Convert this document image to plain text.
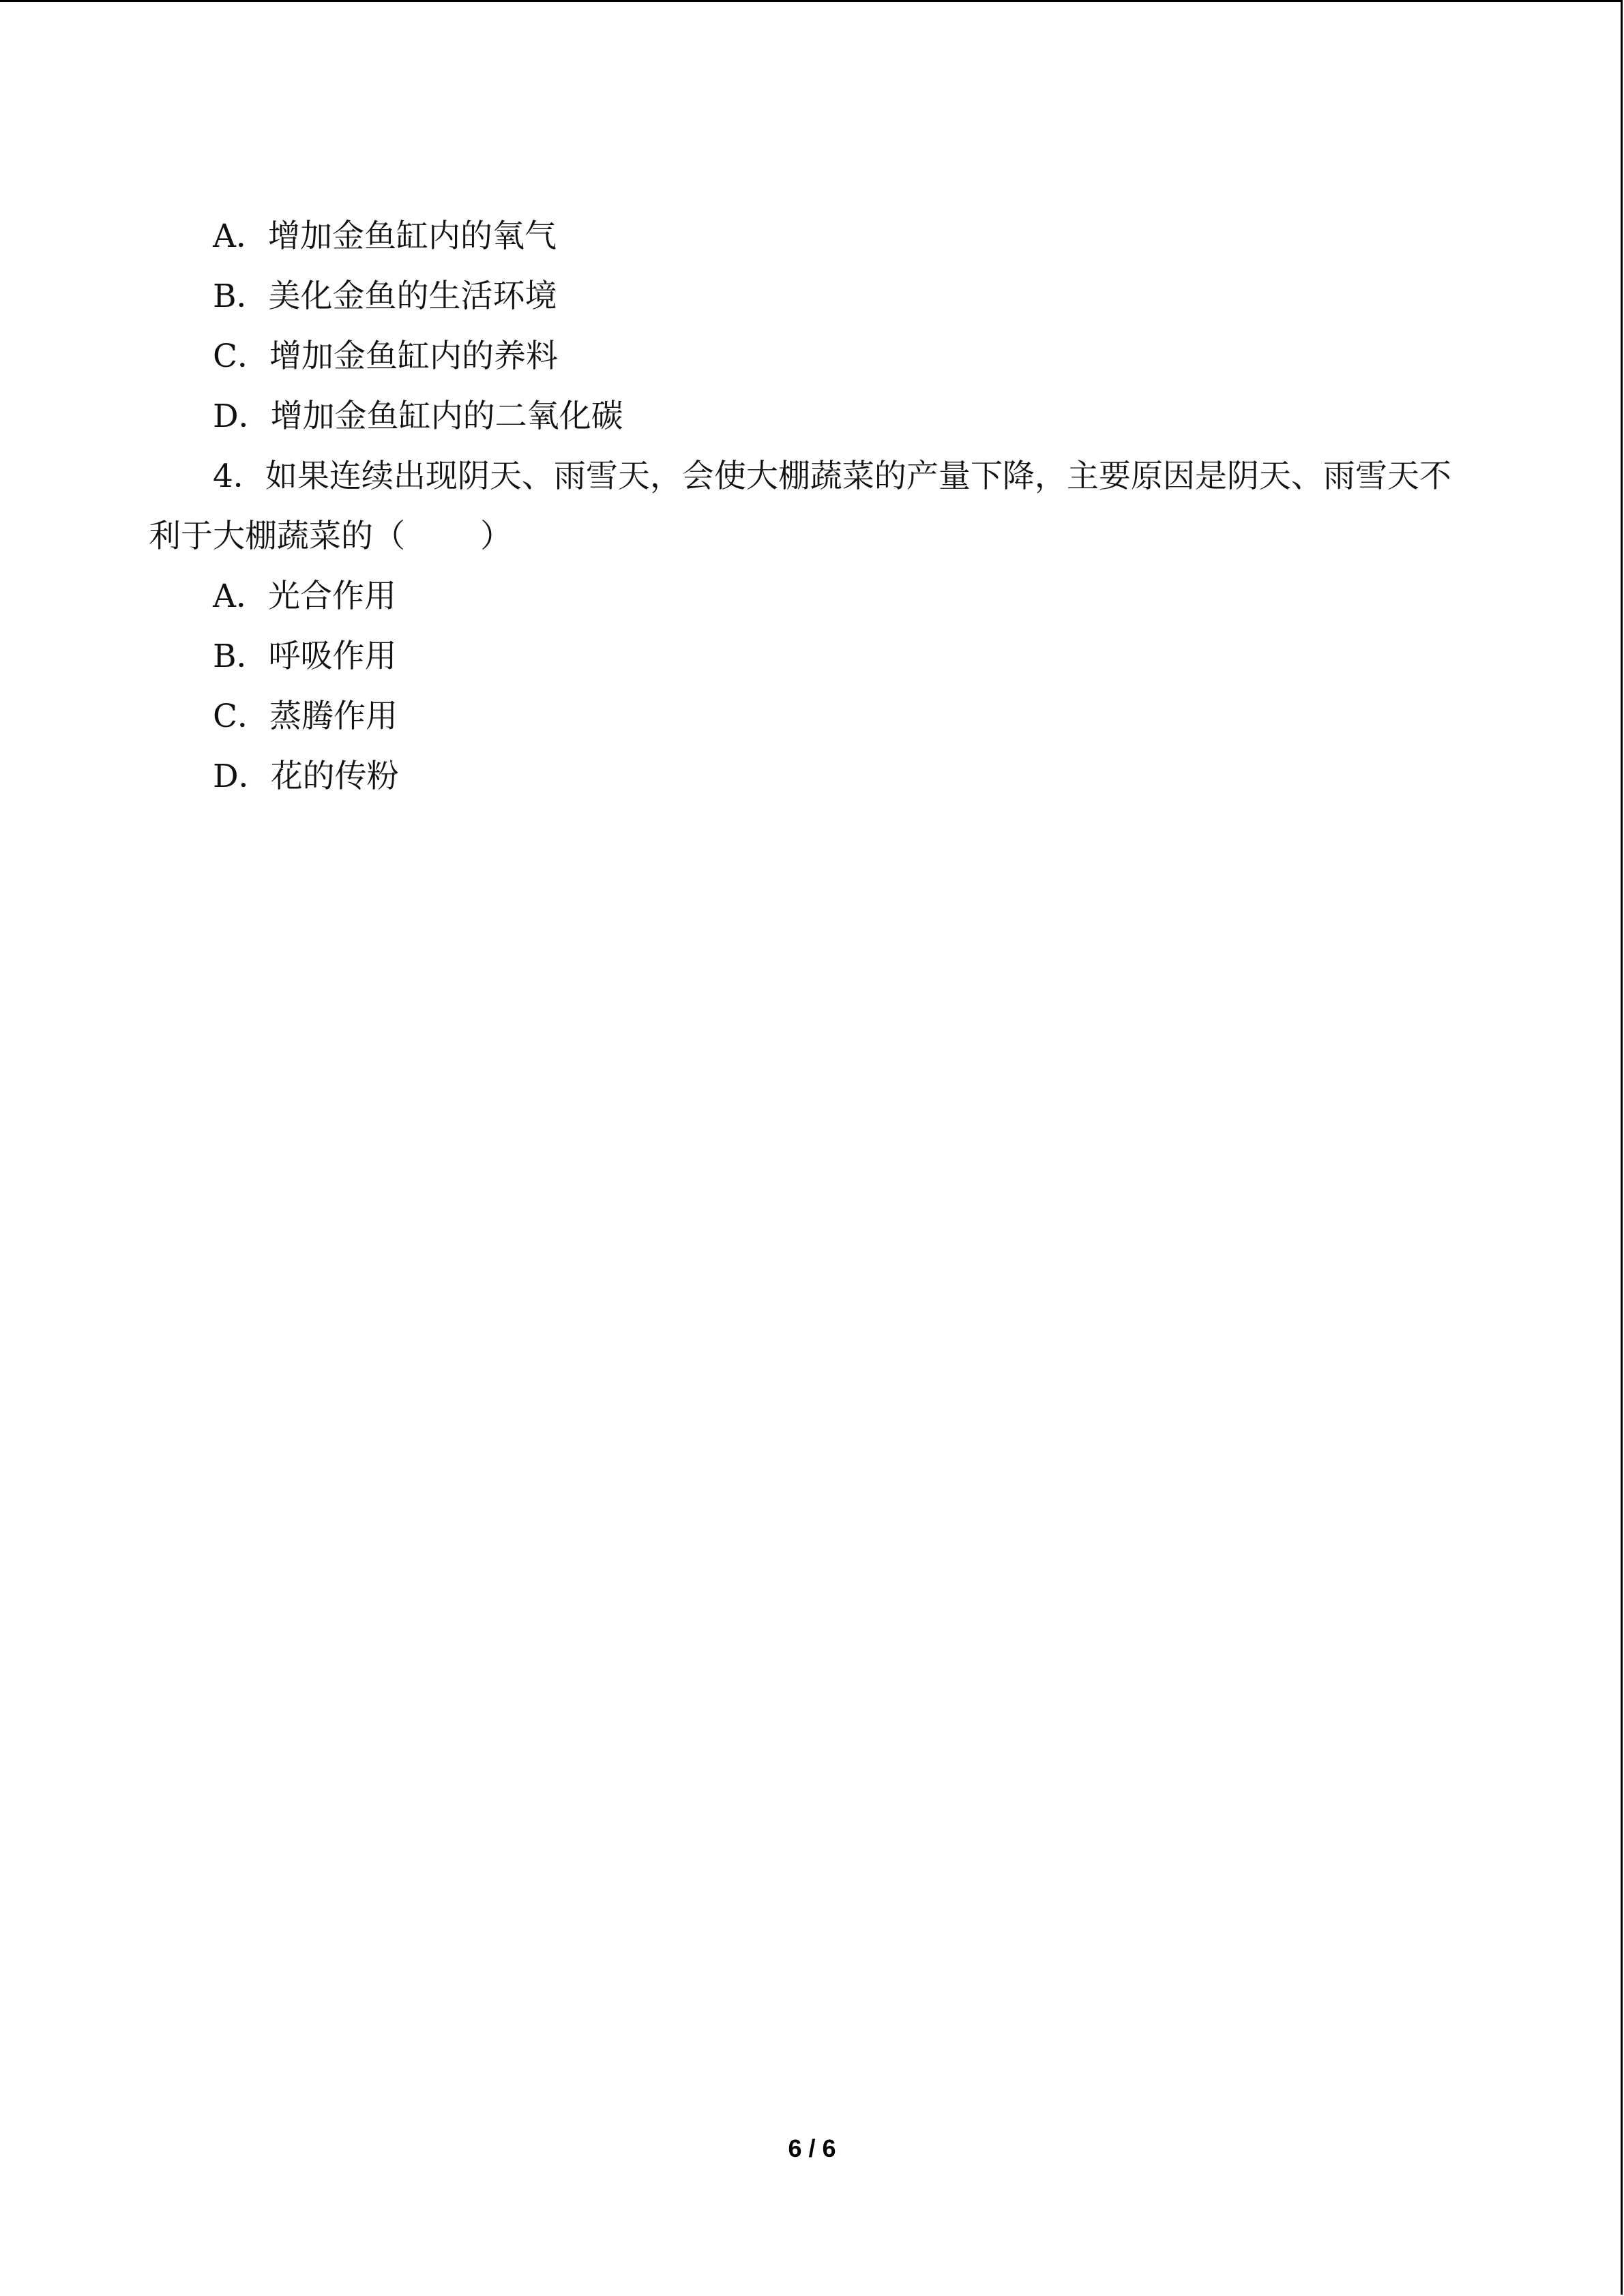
A．增加金鱼缸内的氧气
B．美化金鱼的生活环境
C．增加金鱼缸内的养料
D．增加金鱼缸内的二氧化碳
4．如果连续出现阴天、雨雪天，会使大棚蔬菜的产量下降，主要原因是阴天、雨雪天不
利于大棚蔬菜的（ ）
A．光合作用
B．呼吸作用
C．蒸腾作用
D．花的传粉
6 / 6
